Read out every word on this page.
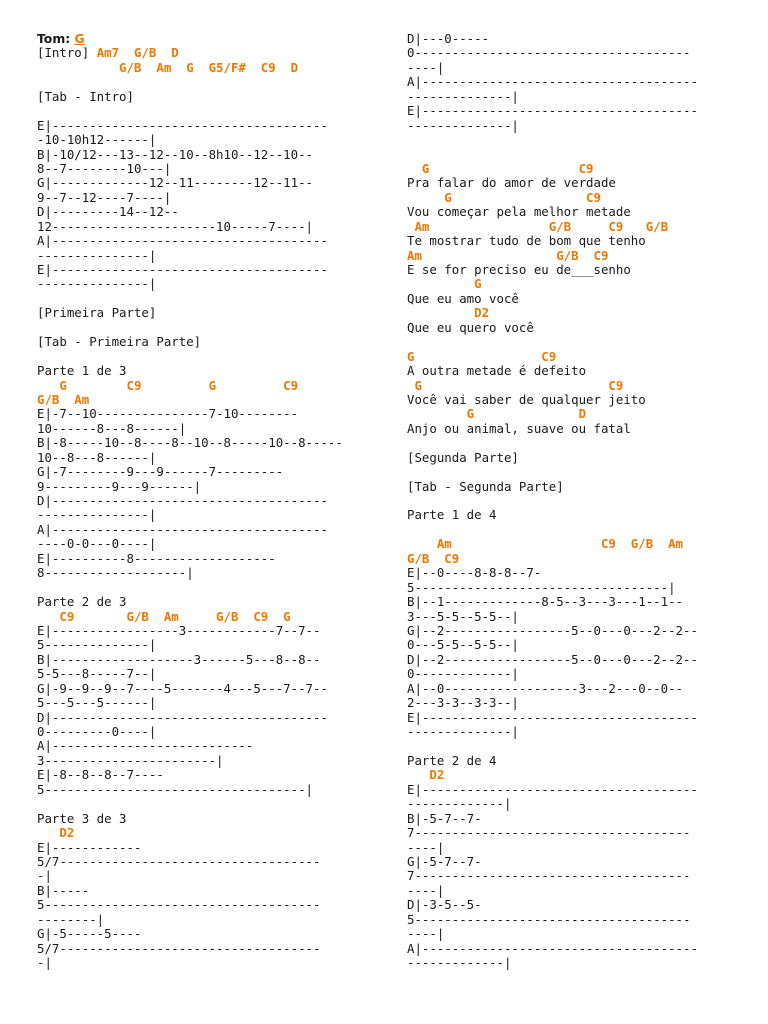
Tom: G
[Intro] Am7  G/B  D
G/B  Am  G  G5/F#  C9  D
[Tab - Intro]
E|-------------------------------------
-10-10h12------|
B|-10/12---13--12--10--8h10--12--10--
8--7--------10---|
G|-------------12--11--------12--11--
9--7--12----7----|
D|---------14--12--
12----------------------10-----7----|
A|-------------------------------------
---------------|
E|-------------------------------------
---------------|
[Primeira Parte]
[Tab - Primeira Parte]
Parte 1 de 3
G        C9         G         C9
G/B  Am
E|-7--10---------------7-10--------
10------8---8------|
B|-8-----10--8----8--10--8-----10--8-----
10--8---8------|
G|-7--------9---9------7---------
9---------9---9------|
D|-------------------------------------
---------------|
A|-------------------------------------
----0-0---0----|
E|----------8-------------------
8-------------------|
Parte 2 de 3
C9       G/B  Am     G/B  C9  G
E|-----------------3------------7--7--
5--------------|
B|-------------------3------5---8--8--
5-5---8-----7--|
G|-9--9--9--7----5-------4---5---7--7--
5---5---5------|
D|-------------------------------------
0---------0----|
A|---------------------------
3-----------------------|
E|-8--8--8--7----
5-----------------------------------|
Parte 3 de 3
D2
E|------------
5/7-----------------------------------
-|
B|-----
5-------------------------------------
--------|
G|-5-----5----
5/7-----------------------------------
-|
D|---0-----
0-------------------------------------
----|
A|-------------------------------------
--------------|
E|-------------------------------------
--------------|
G                    C9
Pra falar do amor de verdade
G                  C9
Vou começar pela melhor metade
Am                G/B     C9   G/B
Te mostrar tudo de bom que tenho
Am                  G/B  C9
E se for preciso eu de___senho
G
Que eu amo você
D2
Que eu quero você
G                 C9
A outra metade é defeito
G                         C9
Você vai saber de qualquer jeito
G              D
Anjo ou animal, suave ou fatal
[Segunda Parte]
[Tab - Segunda Parte]
Parte 1 de 4
Am                    C9  G/B  Am
G/B  C9
E|--0----8-8-8--7-
5----------------------------------|
B|--1-------------8-5--3---3---1--1--
3---5-5--5-5--|
G|--2-----------------5--0---0---2--2--
0---5-5--5-5--|
D|--2-----------------5--0---0---2--2--
0-------------|
A|--0------------------3---2---0--0--
2---3-3--3-3--|
E|-------------------------------------
--------------|
Parte 2 de 4
D2
E|-------------------------------------
-------------|
B|-5-7--7-
7-------------------------------------
----|
G|-5-7--7-
7-------------------------------------
----|
D|-3-5--5-
5-------------------------------------
----|
A|-------------------------------------
-------------|
